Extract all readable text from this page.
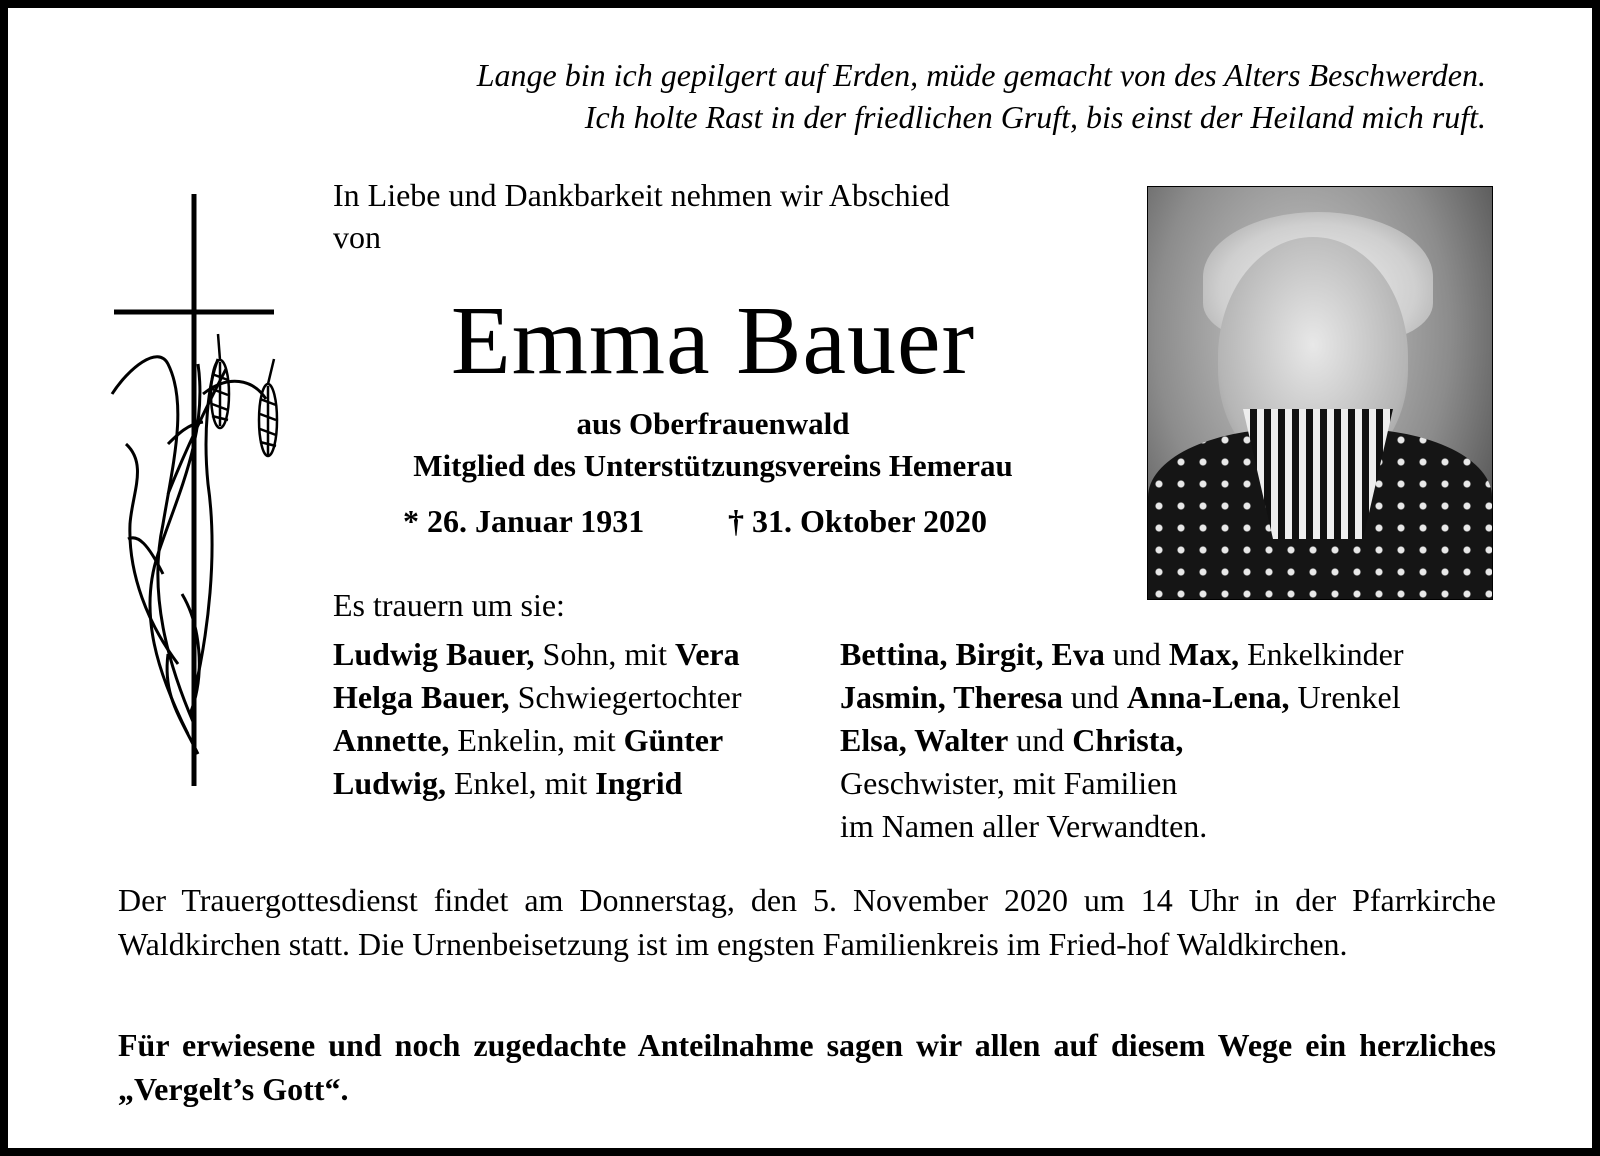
Lange bin ich gepilgert auf Erden, müde gemacht von des Alters Beschwerden.
Ich holte Rast in der friedlichen Gruft, bis einst der Heiland mich ruft.

In Liebe und Dankbarkeit nehmen wir Abschied
von

Emma Bauer
aus Oberfrauenwald
Mitglied des Unterstützungsvereins Hemerau
* 26. Januar 1931	† 31. Oktober 2020

Es trauern um sie:

Ludwig Bauer, Sohn, mit Vera
Helga Bauer, Schwiegertochter
Annette, Enkelin, mit Günter
Ludwig, Enkel, mit Ingrid
Bettina, Birgit, Eva und Max, Enkelkinder
Jasmin, Theresa und Anna-Lena, Urenkel
Elsa, Walter und Christa,
Geschwister, mit Familien
im Namen aller Verwandten.

Der Trauergottesdienst findet am Donnerstag, den 5. November 2020 um 14 Uhr in der Pfarrkirche Waldkirchen statt. Die Urnenbeisetzung ist im engsten Familienkreis im Fried-hof Waldkirchen.

Für erwiesene und noch zugedachte Anteilnahme sagen wir allen auf diesem Wege ein herzliches „Vergelt’s Gott“.
